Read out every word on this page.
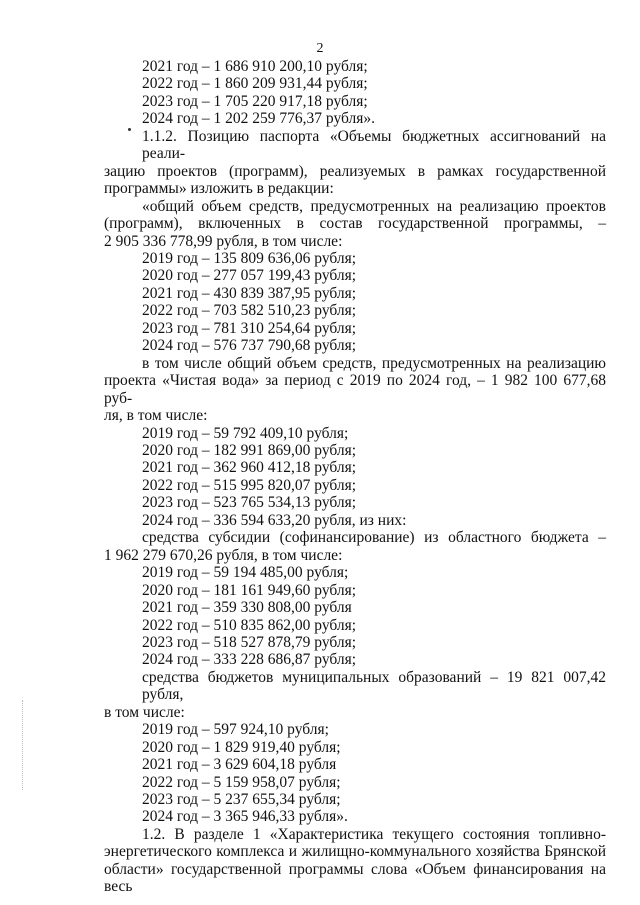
2
2021 год – 1 686 910 200,10 рубля;
2022 год – 1 860 209 931,44 рубля;
2023 год – 1 705 220 917,18 рубля;
2024 год – 1 202 259 776,37 рубля».
1.1.2. Позицию паспорта «Объемы бюджетных ассигнований на реали-
зацию проектов (программ), реализуемых в рамках государственной
программы» изложить в редакции:
«общий объем средств, предусмотренных на реализацию проектов
(программ), включенных в состав государственной программы, –
2 905 336 778,99 рубля, в том числе:
2019 год – 135 809 636,06 рубля;
2020 год – 277 057 199,43 рубля;
2021 год – 430 839 387,95 рубля;
2022 год – 703 582 510,23 рубля;
2023 год – 781 310 254,64 рубля;
2024 год – 576 737 790,68 рубля;
в том числе общий объем средств, предусмотренных на реализацию
проекта «Чистая вода» за период с 2019 по 2024 год, – 1 982 100 677,68 руб-
ля, в том числе:
2019 год – 59 792 409,10 рубля;
2020 год – 182 991 869,00 рубля;
2021 год – 362 960 412,18 рубля;
2022 год – 515 995 820,07 рубля;
2023 год – 523 765 534,13 рубля;
2024 год – 336 594 633,20 рубля, из них:
средства субсидии (софинансирование) из областного бюджета –
1 962 279 670,26 рубля, в том числе:
2019 год – 59 194 485,00 рубля;
2020 год – 181 161 949,60 рубля;
2021 год – 359 330 808,00 рубля
2022 год – 510 835 862,00 рубля;
2023 год – 518 527 878,79 рубля;
2024 год – 333 228 686,87 рубля;
средства бюджетов муниципальных образований – 19 821 007,42 рубля,
в том числе:
2019 год – 597 924,10 рубля;
2020 год – 1 829 919,40 рубля;
2021 год – 3 629 604,18 рубля
2022 год – 5 159 958,07 рубля;
2023 год – 5 237 655,34 рубля;
2024 год – 3 365 946,33 рубля».
1.2. В разделе 1 «Характеристика текущего состояния топливно-
энергетического комплекса и жилищно-коммунального хозяйства Брянской
области» государственной программы слова «Объем финансирования на весь
